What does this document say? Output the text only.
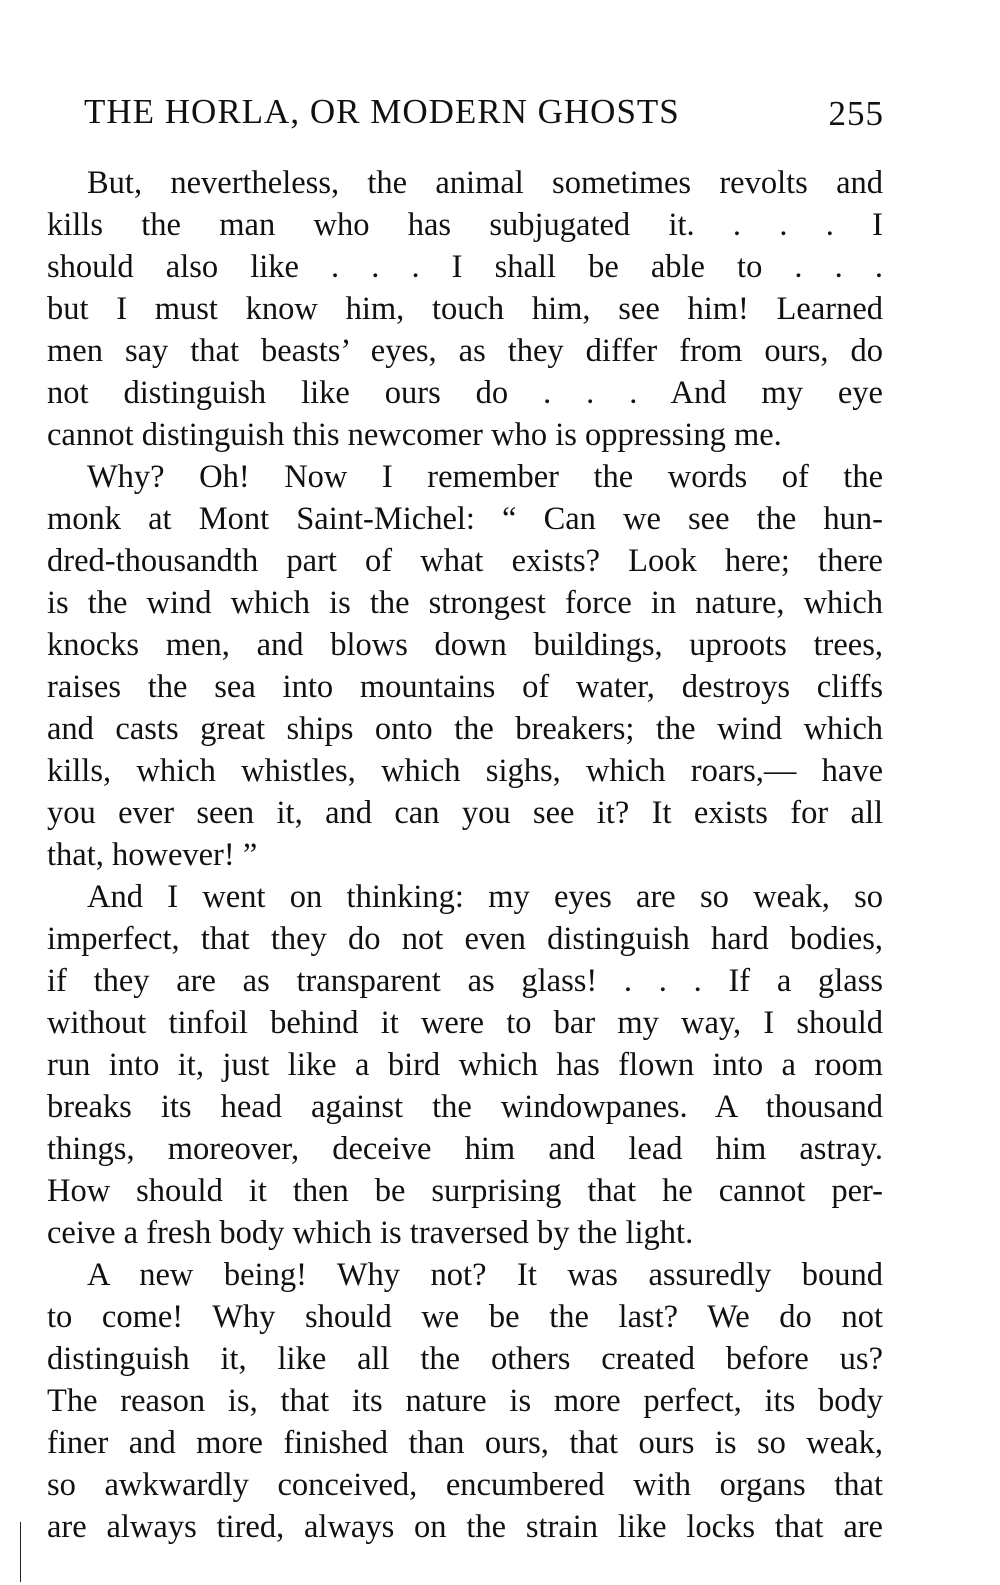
THE HORLA, OR MODERN GHOSTS	255
But, nevertheless, the animal sometimes revolts and
kills the man who has subjugated it. . . . I
should also like . . . I shall be able to . . .
but I must know him, touch him, see him! Learned
men say that beasts’ eyes, as they differ from ours, do
not distinguish like ours do . . . And my eye
cannot distinguish this newcomer who is oppressing me.
Why? Oh! Now I remember the words of the
monk at Mont Saint-Michel: “ Can we see the hun-
dred-thousandth part of what exists? Look here; there
is the wind which is the strongest force in nature, which
knocks men, and blows down buildings, uproots trees,
raises the sea into mountains of water, destroys cliffs
and casts great ships onto the breakers; the wind which
kills, which whistles, which sighs, which roars,— have
you ever seen it, and can you see it? It exists for all
that, however! ”
And I went on thinking: my eyes are so weak, so
imperfect, that they do not even distinguish hard bodies,
if they are as transparent as glass! . . . If a glass
without tinfoil behind it were to bar my way, I should
run into it, just like a bird which has flown into a room
breaks its head against the windowpanes. A thousand
things, moreover, deceive him and lead him astray.
How should it then be surprising that he cannot per-
ceive a fresh body which is traversed by the light.
A new being! Why not? It was assuredly bound
to come! Why should we be the last? We do not
distinguish it, like all the others created before us?
The reason is, that its nature is more perfect, its body
finer and more finished than ours, that ours is so weak,
so awkwardly conceived, encumbered with organs that
are always tired, always on the strain like locks that are
